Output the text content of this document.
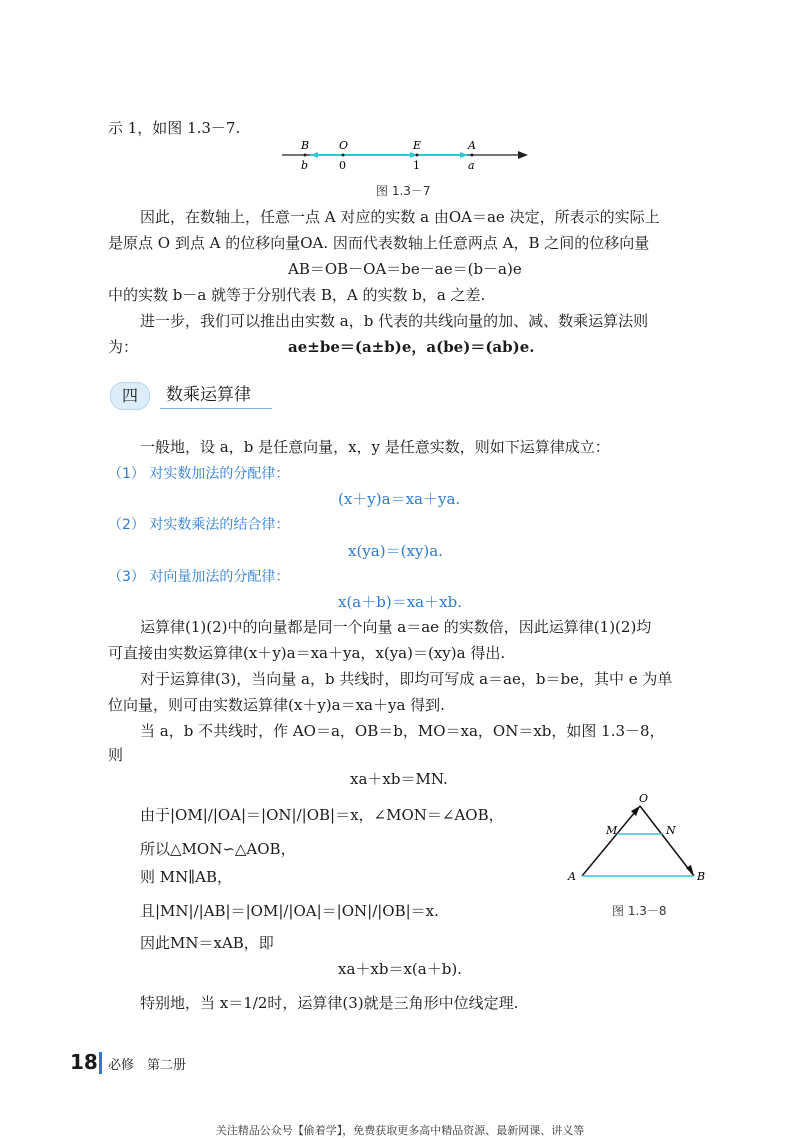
示 1，如图 1.3－7.
B	O	E	A
b	0	1	a
图 1.3－7
因此，在数轴上，任意一点 A 对应的实数 a 由OA＝ae 决定，所表示的实际上
是原点 O 到点 A 的位移向量OA. 因而代表数轴上任意两点 A，B 之间的位移向量
AB＝OB－OA＝be－ae＝(b－a)e
中的实数 b－a 就等于分别代表 B，A 的实数 b，a 之差.
进一步，我们可以推出由实数 a，b 代表的共线向量的加、减、数乘运算法则
为：	ae±be＝(a±b)e，a(be)＝(ab)e.
四	数乘运算律
一般地，设 a，b 是任意向量，x，y 是任意实数，则如下运算律成立：
（1） 对实数加法的分配律：
(x＋y)a＝xa＋ya.
（2） 对实数乘法的结合律：
x(ya)＝(xy)a.
（3） 对向量加法的分配律：
x(a＋b)＝xa＋xb.
运算律(1)(2)中的向量都是同一个向量 a＝ae 的实数倍，因此运算律(1)(2)均
可直接由实数运算律(x＋y)a＝xa＋ya，x(ya)＝(xy)a 得出.
对于运算律(3)，当向量 a，b 共线时，即均可写成 a＝ae，b＝be，其中 e 为单
位向量，则可由实数运算律(x＋y)a＝xa＋ya 得到.
当 a，b 不共线时，作 AO＝a，OB＝b，MO＝xa，ON＝xb，如图 1.3－8，
则
xa＋xb＝MN.
由于|OM|/|OA|＝|ON|/|OB|＝x，∠MON＝∠AOB，
所以△MON∽△AOB，
则 MN∥AB，
且|MN|/|AB|＝|OM|/|OA|＝|ON|/|OB|＝x.
因此MN＝xAB，即
xa＋xb＝x(a＋b).
特别地，当 x＝1/2时，运算律(3)就是三角形中位线定理.
O
M	N
A	B
图 1.3－8
18 必修　第二册
关注精品公众号【偷着学】，免费获取更多高中精品资源、最新网课、讲义等
